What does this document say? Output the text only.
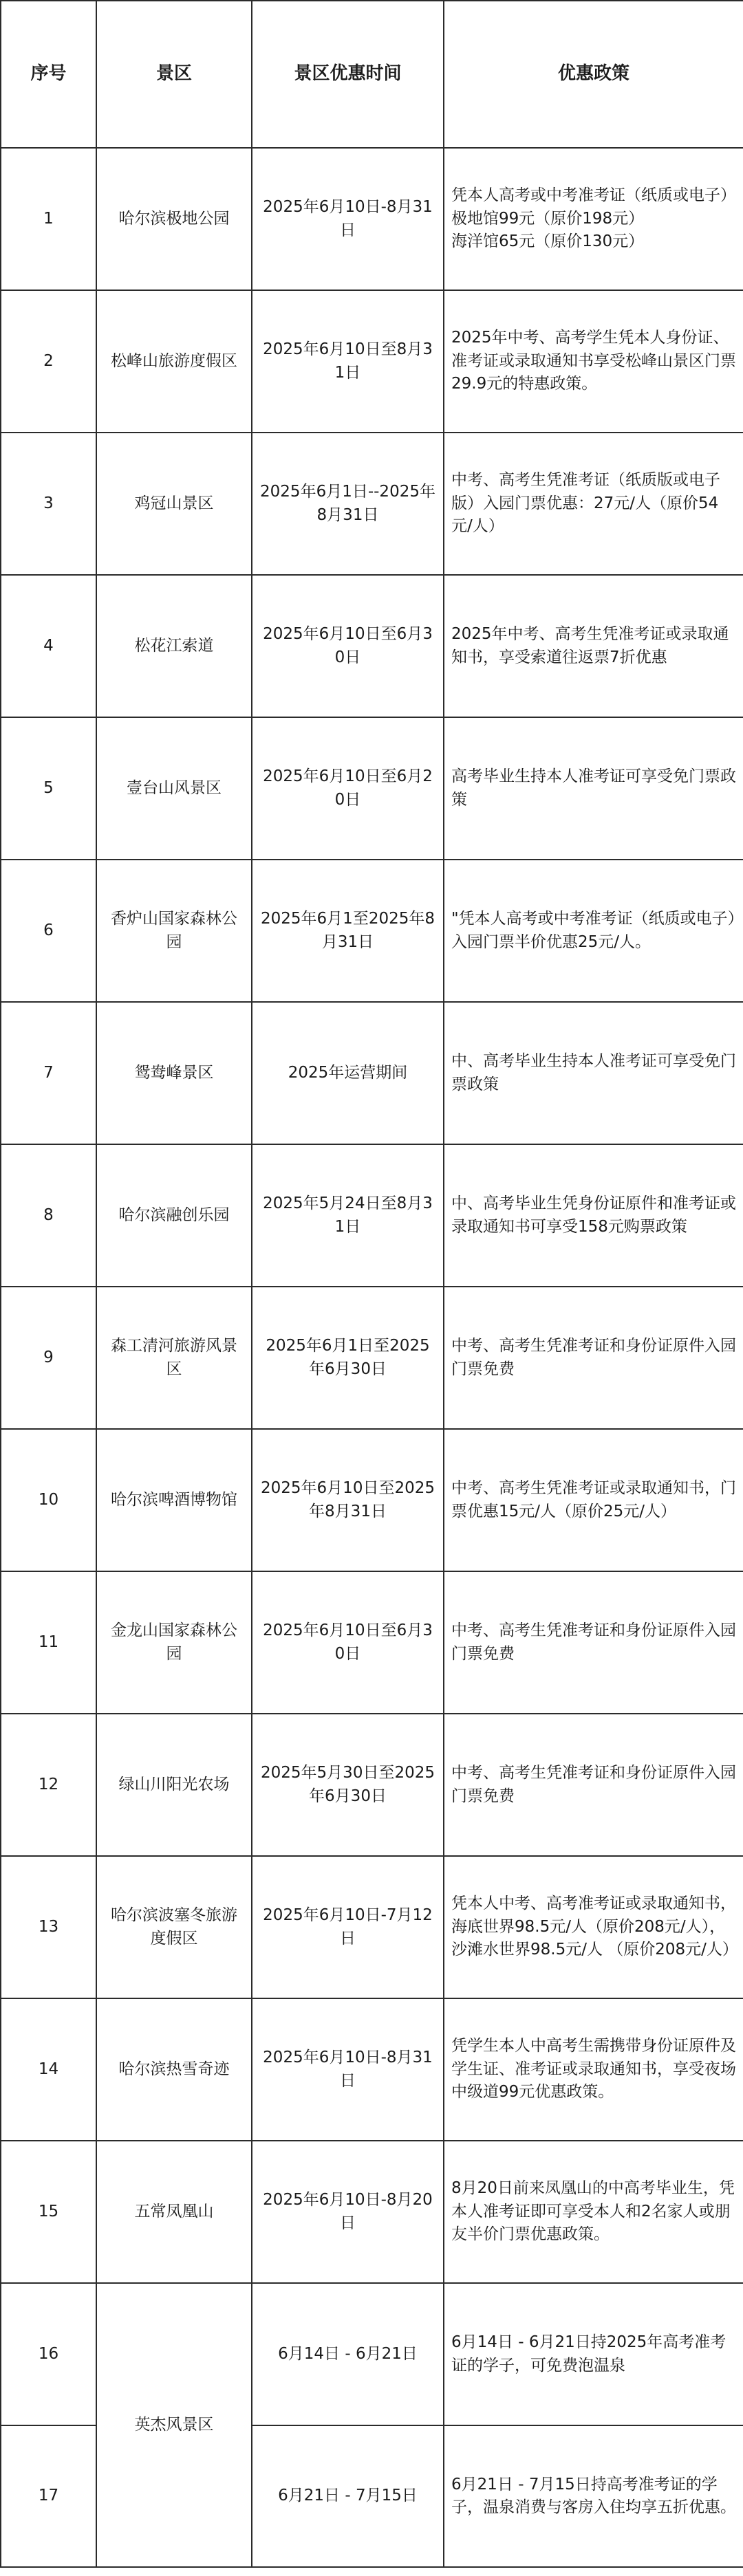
序号	景区	景区优惠时间	优惠政策
1	哈尔滨极地公园	2025年6月10日-8月31日	凭本人高考或中考准考证（纸质或电子）极地馆99元（原价198元）
海洋馆65元（原价130元）
2	松峰山旅游度假区	2025年6月10日至8月31日	2025年中考、高考学生凭本人身份证、准考证或录取通知书享受松峰山景区门票29.9元的特惠政策。
3	鸡冠山景区	2025年6月1日--2025年8月31日	中考、高考生凭准考证（纸质版或电子版）入园门票优惠：27元/人（原价54元/人）
4	松花江索道	2025年6月10日至6月30日	2025年中考、高考生凭准考证或录取通知书，享受索道往返票7折优惠
5	壹台山风景区	2025年6月10日至6月20日	高考毕业生持本人准考证可享受免门票政策
6	香炉山国家森林公园	2025年6月1至2025年8月31日	"凭本人高考或中考准考证（纸质或电子）入园门票半价优惠25元/人。
7	鸳鸯峰景区	2025年运营期间	中、高考毕业生持本人准考证可享受免门票政策
8	哈尔滨融创乐园	2025年5月24日至8月31日	中、高考毕业生凭身份证原件和准考证或录取通知书可享受158元购票政策
9	森工清河旅游风景区	2025年6月1日至2025年6月30日	中考、高考生凭准考证和身份证原件入园门票免费
10	哈尔滨啤酒博物馆	2025年6月10日至2025年8月31日	中考、高考生凭准考证或录取通知书，门票优惠15元/人（原价25元/人）
11	金龙山国家森林公园	2025年6月10日至6月30日	中考、高考生凭准考证和身份证原件入园门票免费
12	绿山川阳光农场	2025年5月30日至2025年6月30日	中考、高考生凭准考证和身份证原件入园门票免费
13	哈尔滨波塞冬旅游度假区	2025年6月10日-7月12日	凭本人中考、高考准考证或录取通知书，海底世界98.5元/人（原价208元/人），沙滩水世界98.5元/人 （原价208元/人）
14	哈尔滨热雪奇迹	2025年6月10日-8月31日	凭学生本人中高考生需携带身份证原件及学生证、准考证或录取通知书，享受夜场中级道99元优惠政策。
15	五常凤凰山	2025年6月10日-8月20日	8月20日前来凤凰山的中高考毕业生，凭本人准考证即可享受本人和2名家人或朋友半价门票优惠政策。
16	英杰风景区	6月14日 - 6月21日	6月14日 - 6月21日持2025年高考准考证的学子，可免费泡温泉
17		6月21日 - 7月15日	6月21日 - 7月15日持高考准考证的学子，温泉消费与客房入住均享五折优惠。
